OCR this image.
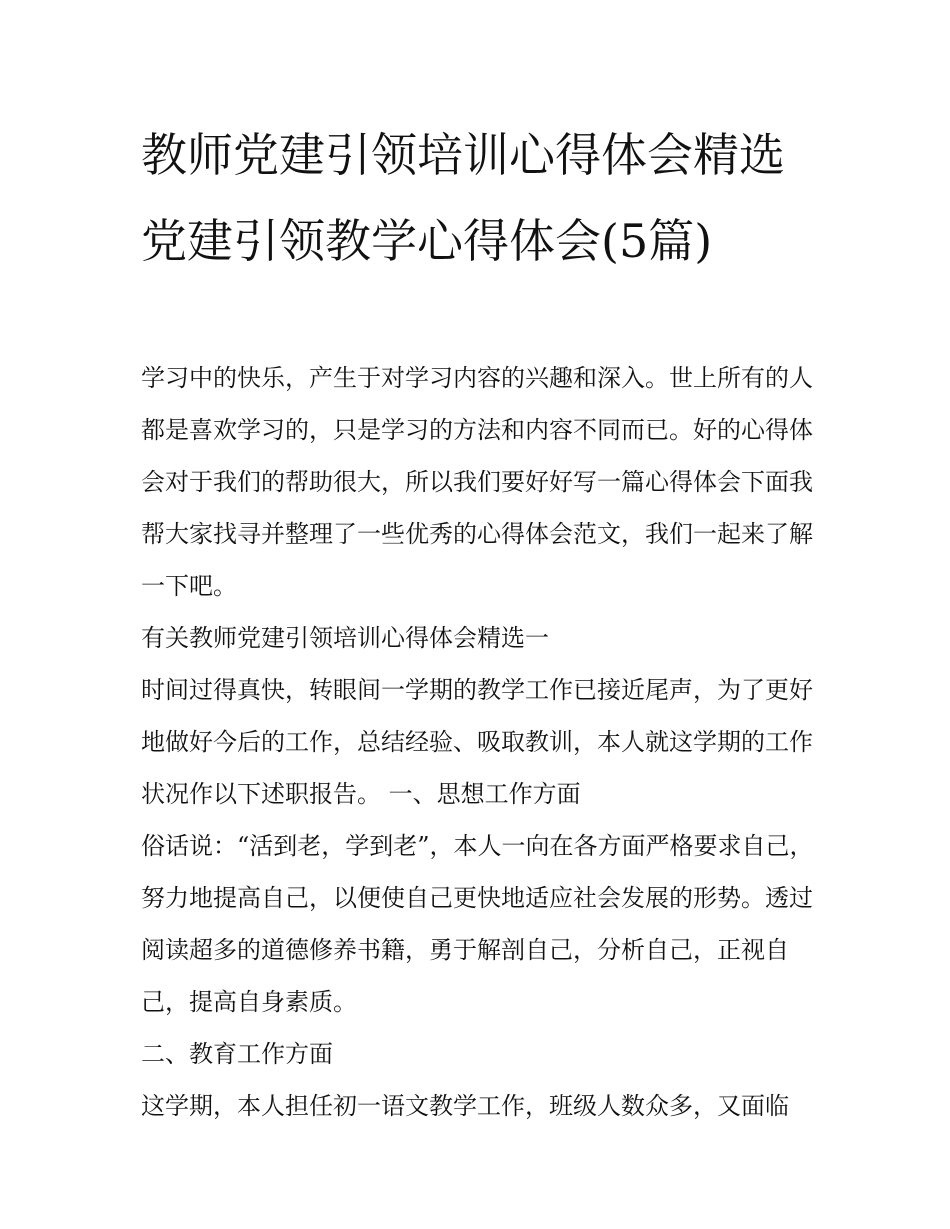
教师党建引领培训心得体会精选 党建引领教学心得体会(5篇)

学习中的快乐，产生于对学习内容的兴趣和深入。世上所有的人都是喜欢学习的，只是学习的方法和内容不同而已。好的心得体会对于我们的帮助很大，所以我们要好好写一篇心得体会下面我帮大家找寻并整理了一些优秀的心得体会范文，我们一起来了解一下吧。

有关教师党建引领培训心得体会精选一

时间过得真快，转眼间一学期的教学工作已接近尾声，为了更好地做好今后的工作，总结经验、吸取教训，本人就这学期的工作状况作以下述职报告。 一、思想工作方面

俗话说：“活到老，学到老”，本人一向在各方面严格要求自己，努力地提高自己，以便使自己更快地适应社会发展的形势。透过阅读超多的道德修养书籍，勇于解剖自己，分析自己，正视自己，提高自身素质。

二、教育工作方面

这学期，本人担任初一语文教学工作，班级人数众多，又面临
